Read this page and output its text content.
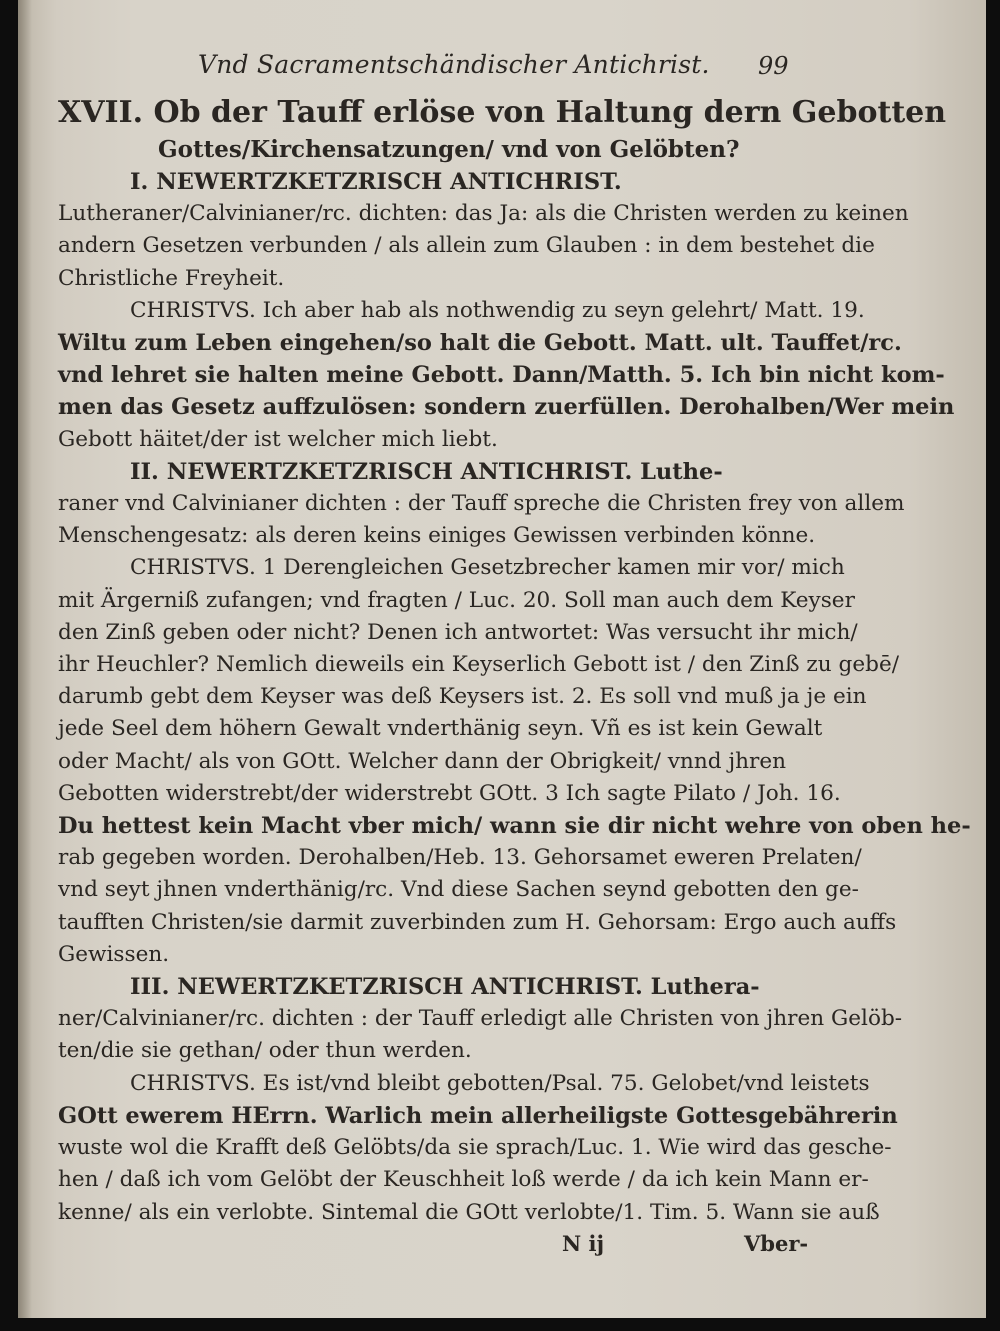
Vnd Sacramentschändischer Antichrist. 99
XVII. Ob der Tauff erlöse von Haltung dern Gebotten
Gottes/Kirchensatzungen/ vnd von Gelöbten?
I. NEWERTZKETZRISCH ANTICHRIST.
Lutheraner/Calvinianer/rc. dichten: das Ja: als die Christen werden zu keinen
andern Gesetzen verbunden / als allein zum Glauben : in dem bestehet die
Christliche Freyheit.
CHRISTVS. Ich aber hab als nothwendig zu seyn gelehrt/ Matt. 19.
Wiltu zum Leben eingehen/so halt die Gebott. Matt. ult. Tauffet/rc.
vnd lehret sie halten meine Gebott. Dann/Matth. 5. Ich bin nicht kom-
men das Gesetz auffzulösen: sondern zuerfüllen. Derohalben/Wer mein
Gebott häitet/der ist welcher mich liebt.
II. NEWERTZKETZRISCH ANTICHRIST. Luthe-
raner vnd Calvinianer dichten : der Tauff spreche die Christen frey von allem
Menschengesatz: als deren keins einiges Gewissen verbinden könne.
CHRISTVS. 1 Derengleichen Gesetzbrecher kamen mir vor/ mich
mit Ärgerniß zufangen; vnd fragten / Luc. 20. Soll man auch dem Keyser
den Zinß geben oder nicht? Denen ich antwortet: Was versucht ihr mich/
ihr Heuchler? Nemlich dieweils ein Keyserlich Gebott ist / den Zinß zu gebē/
darumb gebt dem Keyser was deß Keysers ist. 2. Es soll vnd muß ja je ein
jede Seel dem höhern Gewalt vnderthänig seyn. Vñ es ist kein Gewalt
oder Macht/ als von GOtt. Welcher dann der Obrigkeit/ vnnd jhren
Gebotten widerstrebt/der widerstrebt GOtt. 3 Ich sagte Pilato / Joh. 16.
Du hettest kein Macht vber mich/ wann sie dir nicht wehre von oben he-
rab gegeben worden. Derohalben/Heb. 13. Gehorsamet eweren Prelaten/
vnd seyt jhnen vnderthänig/rc. Vnd diese Sachen seynd gebotten den ge-
taufften Christen/sie darmit zuverbinden zum H. Gehorsam: Ergo auch auffs
Gewissen.
III. NEWERTZKETZRISCH ANTICHRIST. Luthera-
ner/Calvinianer/rc. dichten : der Tauff erledigt alle Christen von jhren Gelöb-
ten/die sie gethan/ oder thun werden.
CHRISTVS. Es ist/vnd bleibt gebotten/Psal. 75. Gelobet/vnd leistets
GOtt ewerem HErrn. Warlich mein allerheiligste Gottesgebährerin
wuste wol die Krafft deß Gelöbts/da sie sprach/Luc. 1. Wie wird das gesche-
hen / daß ich vom Gelöbt der Keuschheit loß werde / da ich kein Mann er-
kenne/ als ein verlobte. Sintemal die GOtt verlobte/1. Tim. 5. Wann sie auß
N ij	Vber-
